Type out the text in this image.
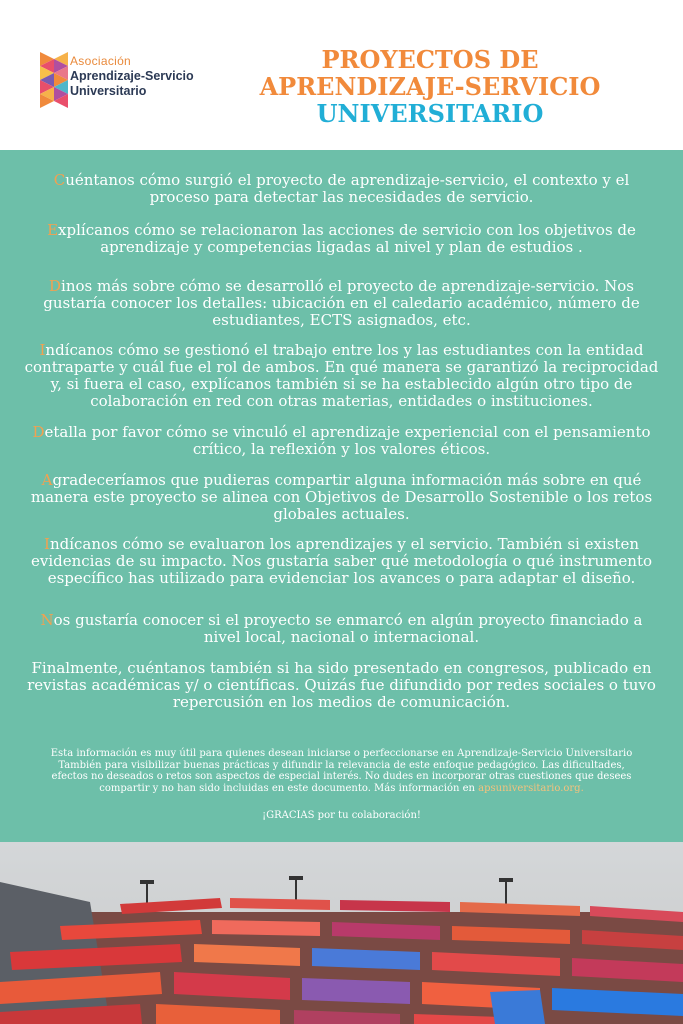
Asociación
Aprendizaje-Servicio
Universitario
PROYECTOS DE
APRENDIZAJE-SERVICIO
UNIVERSITARIO

Cuéntanos cómo surgió el proyecto de aprendizaje-servicio, el contexto y el proceso para detectar las necesidades de servicio.

Explícanos cómo se relacionaron las acciones de servicio con los objetivos de aprendizaje y competencias ligadas al nivel y plan de estudios .

Dinos más sobre cómo se desarrolló el proyecto de aprendizaje-servicio. Nos gustaría conocer los detalles: ubicación en el caledario académico, número de estudiantes, ECTS asignados, etc.

Indícanos cómo se gestionó el trabajo entre los y las estudiantes con la entidad contraparte y cuál fue el rol de ambos. En qué manera se garantizó la reciprocidad y, si fuera el caso, explícanos también si se ha establecido algún otro tipo de colaboración en red con otras materias, entidades o instituciones.

Detalla por favor cómo se vinculó el aprendizaje experiencial con el pensamiento crítico, la reflexión y los valores éticos.

Agradeceríamos que pudieras compartir alguna información más sobre en qué manera este proyecto se alinea con Objetivos de Desarrollo Sostenible o los retos globales actuales.

Indícanos cómo se evaluaron los aprendizajes y el servicio. También si existen evidencias de su impacto. Nos gustaría saber qué metodología o qué instrumento específico has utilizado para evidenciar los avances o para adaptar el diseño.

Nos gustaría conocer si el proyecto se enmarcó en algún proyecto financiado a nivel local, nacional o internacional.

Finalmente, cuéntanos también si ha sido presentado en congresos, publicado en revistas académicas y/ o científicas. Quizás fue difundido por redes sociales o tuvo repercusión en los medios de comunicación.

Esta información es muy útil para quienes desean iniciarse o perfeccionarse en Aprendizaje-Servicio Universitario
También para visibilizar buenas prácticas y difundir la relevancia de este enfoque pedagógico. Las dificultades,
efectos no deseados o retos son aspectos de especial interés. No dudes en incorporar otras cuestiones que desees
compartir y no han sido incluidas en este documento. Más información en apsuniversitario.org.
¡GRACIAS por tu colaboración!
